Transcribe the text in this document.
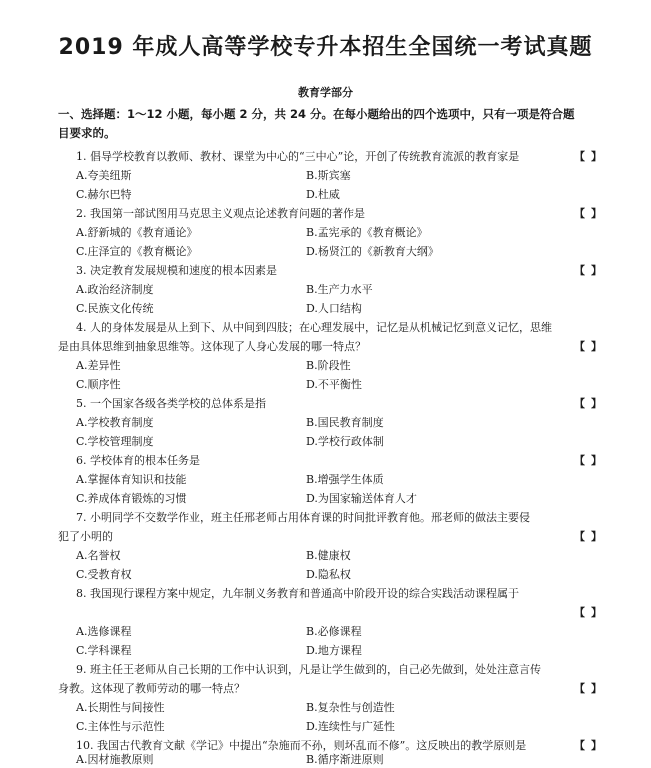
2019 年成人高等学校专升本招生全国统一考试真题
教育学部分
一、选择题：1～12 小题，每小题 2 分，共 24 分。在每小题给出的四个选项中，只有一项是符合题
目要求的。
1. 倡导学校教育以教师、教材、课堂为中心的“三中心”论，开创了传统教育流派的教育家是	【】
A.夸美纽斯	B.斯宾塞
C.赫尔巴特	D.杜威
2. 我国第一部试图用马克思主义观点论述教育问题的著作是	【】
A.舒新城的《教育通论》	B.孟宪承的《教育概论》
C.庄泽宣的《教育概论》	D.杨贤江的《新教育大纲》
3. 决定教育发展规模和速度的根本因素是	【】
A.政治经济制度	B.生产力水平
C.民族文化传统	D.人口结构
4. 人的身体发展是从上到下、从中间到四肢；在心理发展中，记忆是从机械记忆到意义记忆，思维
是由具体思维到抽象思维等。这体现了人身心发展的哪一特点？	【】
A.差异性	B.阶段性
C.顺序性	D.不平衡性
5. 一个国家各级各类学校的总体系是指	【】
A.学校教育制度	B.国民教育制度
C.学校管理制度	D.学校行政体制
6. 学校体育的根本任务是	【】
A.掌握体育知识和技能	B.增强学生体质
C.养成体育锻炼的习惯	D.为国家输送体育人才
7. 小明同学不交数学作业，班主任邢老师占用体育课的时间批评教育他。邢老师的做法主要侵
犯了小明的	【】
A.名誉权	B.健康权
C.受教育权	D.隐私权
8. 我国现行课程方案中规定，九年制义务教育和普通高中阶段开设的综合实践活动课程属于
【】
A.选修课程	B.必修课程
C.学科课程	D.地方课程
9. 班主任王老师从自己长期的工作中认识到，凡是让学生做到的，自己必先做到，处处注意言传
身教。这体现了教师劳动的哪一特点？	【】
A.长期性与间接性	B.复杂性与创造性
C.主体性与示范性	D.连续性与广延性
10. 我国古代教育文献《学记》中提出“杂施而不孙，则坏乱而不修”。这反映出的教学原则是	【】
A.因材施教原则	B.循序渐进原则
